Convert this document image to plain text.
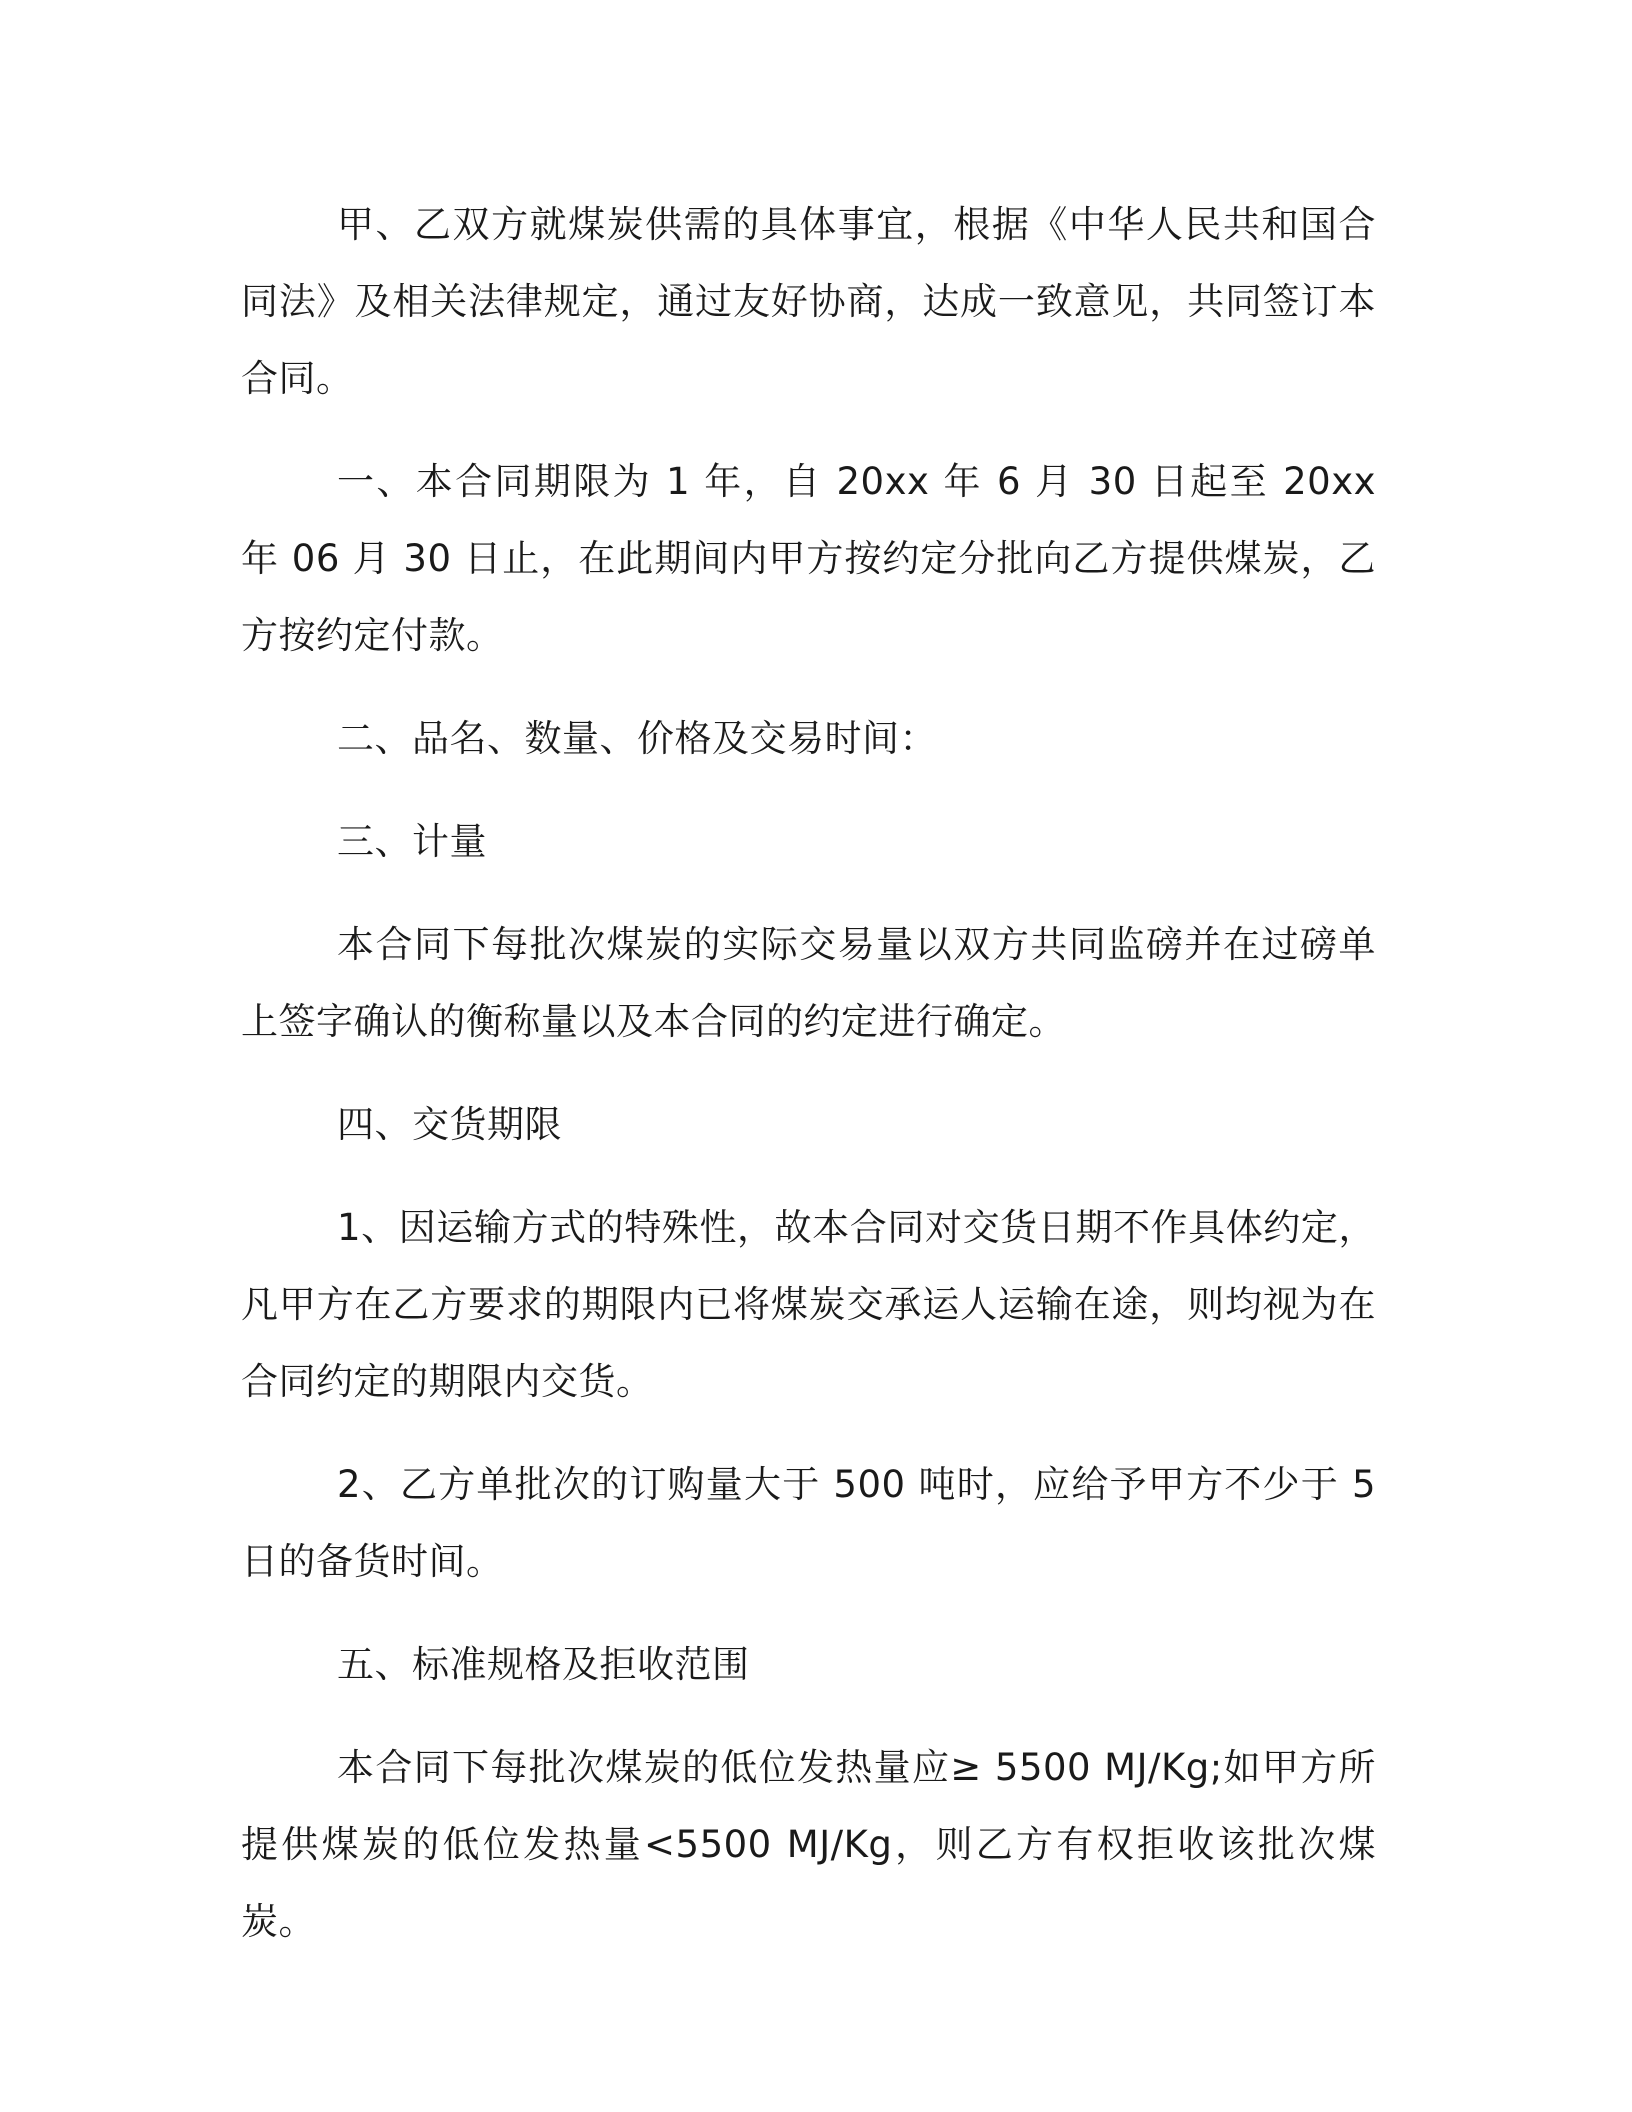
甲、乙双方就煤炭供需的具体事宜，根据《中华人民共和国合同法》及相关法律规定，通过友好协商，达成一致意见，共同签订本合同。

一、本合同期限为 1 年，自 20xx 年 6 月 30 日起至 20xx 年 06 月 30 日止，在此期间内甲方按约定分批向乙方提供煤炭，乙方按约定付款。

二、品名、数量、价格及交易时间：

三、计量

本合同下每批次煤炭的实际交易量以双方共同监磅并在过磅单上签字确认的衡称量以及本合同的约定进行确定。

四、交货期限

1、因运输方式的特殊性，故本合同对交货日期不作具体约定，凡甲方在乙方要求的期限内已将煤炭交承运人运输在途，则均视为在合同约定的期限内交货。

2、乙方单批次的订购量大于 500 吨时，应给予甲方不少于 5 日的备货时间。

五、标准规格及拒收范围

本合同下每批次煤炭的低位发热量应≥ 5500 MJ/Kg;如甲方所提供煤炭的低位发热量<5500 MJ/Kg，则乙方有权拒收该批次煤炭。
